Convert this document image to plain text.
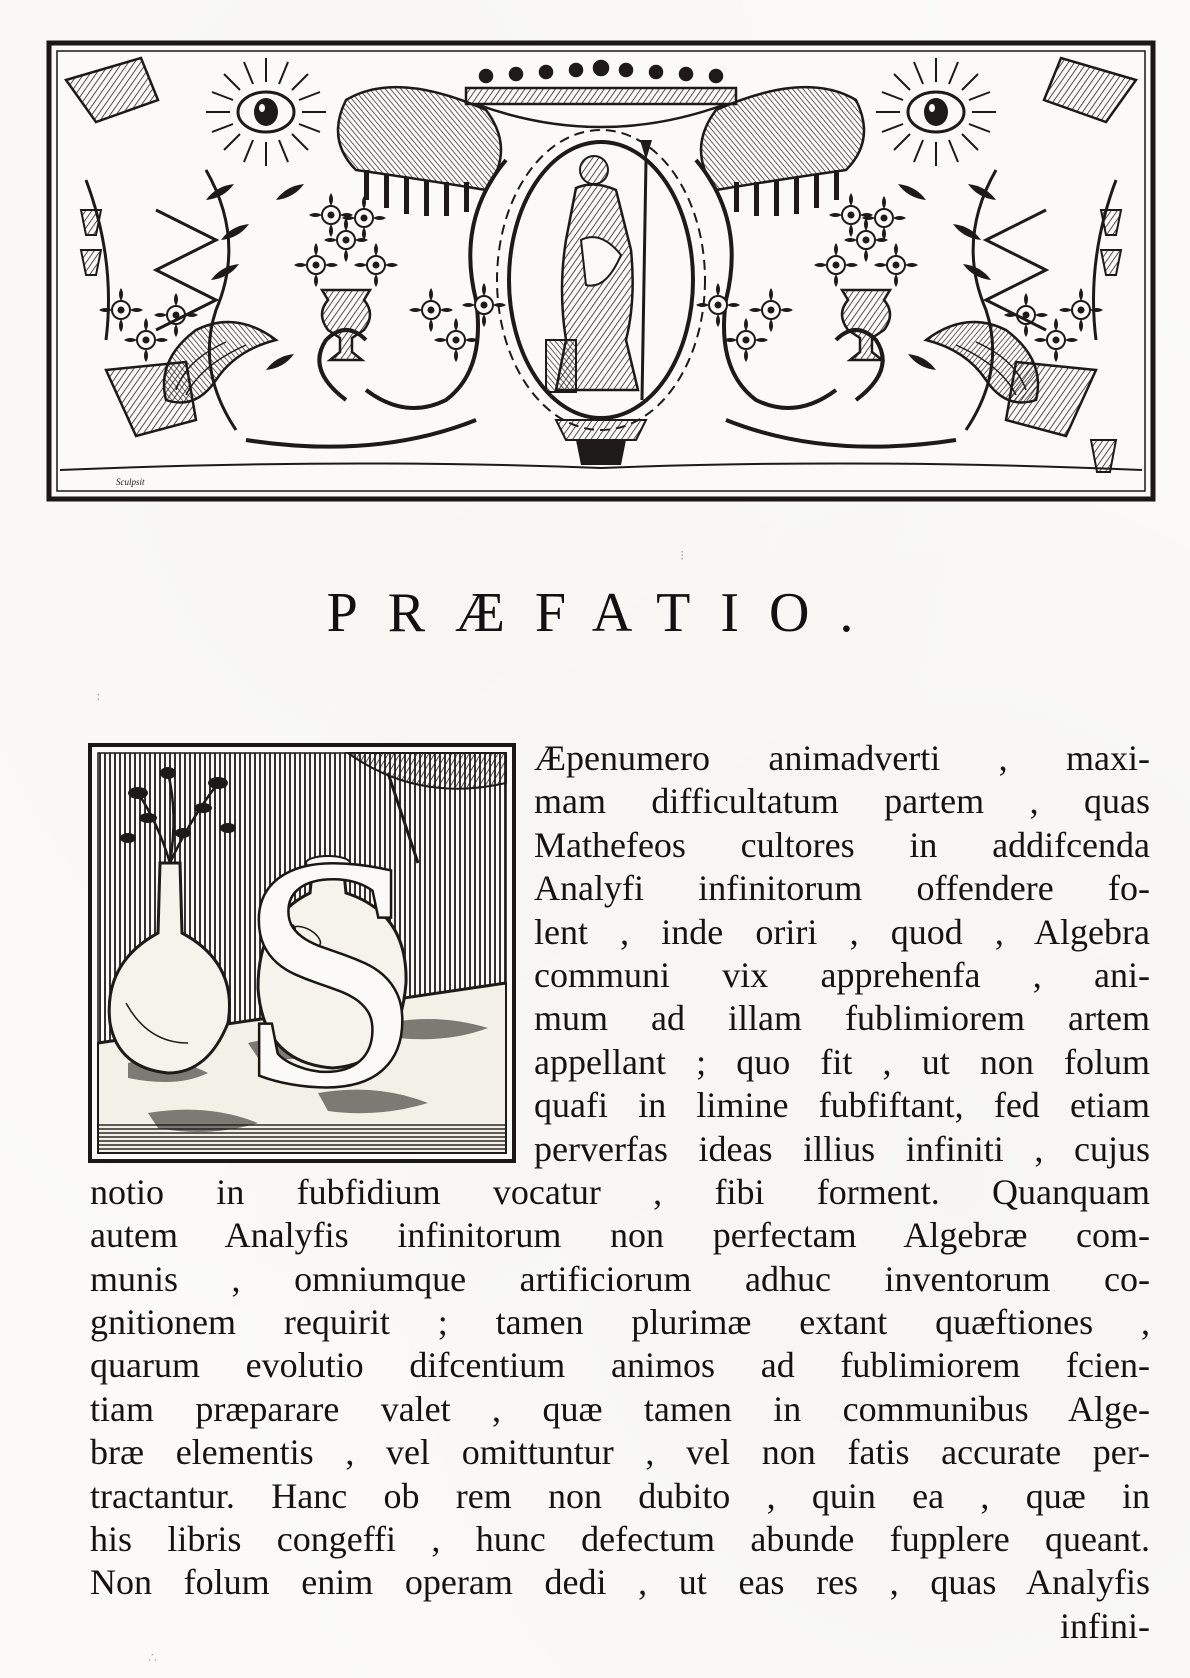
Sculpsit
PRÆFATIO.
S
Æpenumero animadverti , maxi-
mam difficultatum partem , quas
Mathefeos cultores in addifcenda
Analyfi infinitorum offendere fo-
lent , inde oriri , quod , Algebra
communi vix apprehenfa , ani-
mum ad illam fublimiorem artem
appellant ; quo fit , ut non folum
quafi in limine fubfiftant, fed etiam
perverfas ideas illius infiniti , cujus
notio in fubfidium vocatur , fibi forment. Quanquam
autem Analyfis infinitorum non perfectam Algebræ com-
munis , omniumque artificiorum adhuc inventorum co-
gnitionem requirit ; tamen plurimæ extant quæftiones ,
quarum evolutio difcentium animos ad fublimiorem fcien-
tiam præparare valet , quæ tamen in communibus Alge-
bræ elementis , vel omittuntur , vel non fatis accurate per-
tractantur. Hanc ob rem non dubito , quin ea , quæ in
his libris congeffi , hunc defectum abunde fupplere queant.
Non folum enim operam dedi , ut eas res , quas Analyfis
infini-
⁝
:
∴
